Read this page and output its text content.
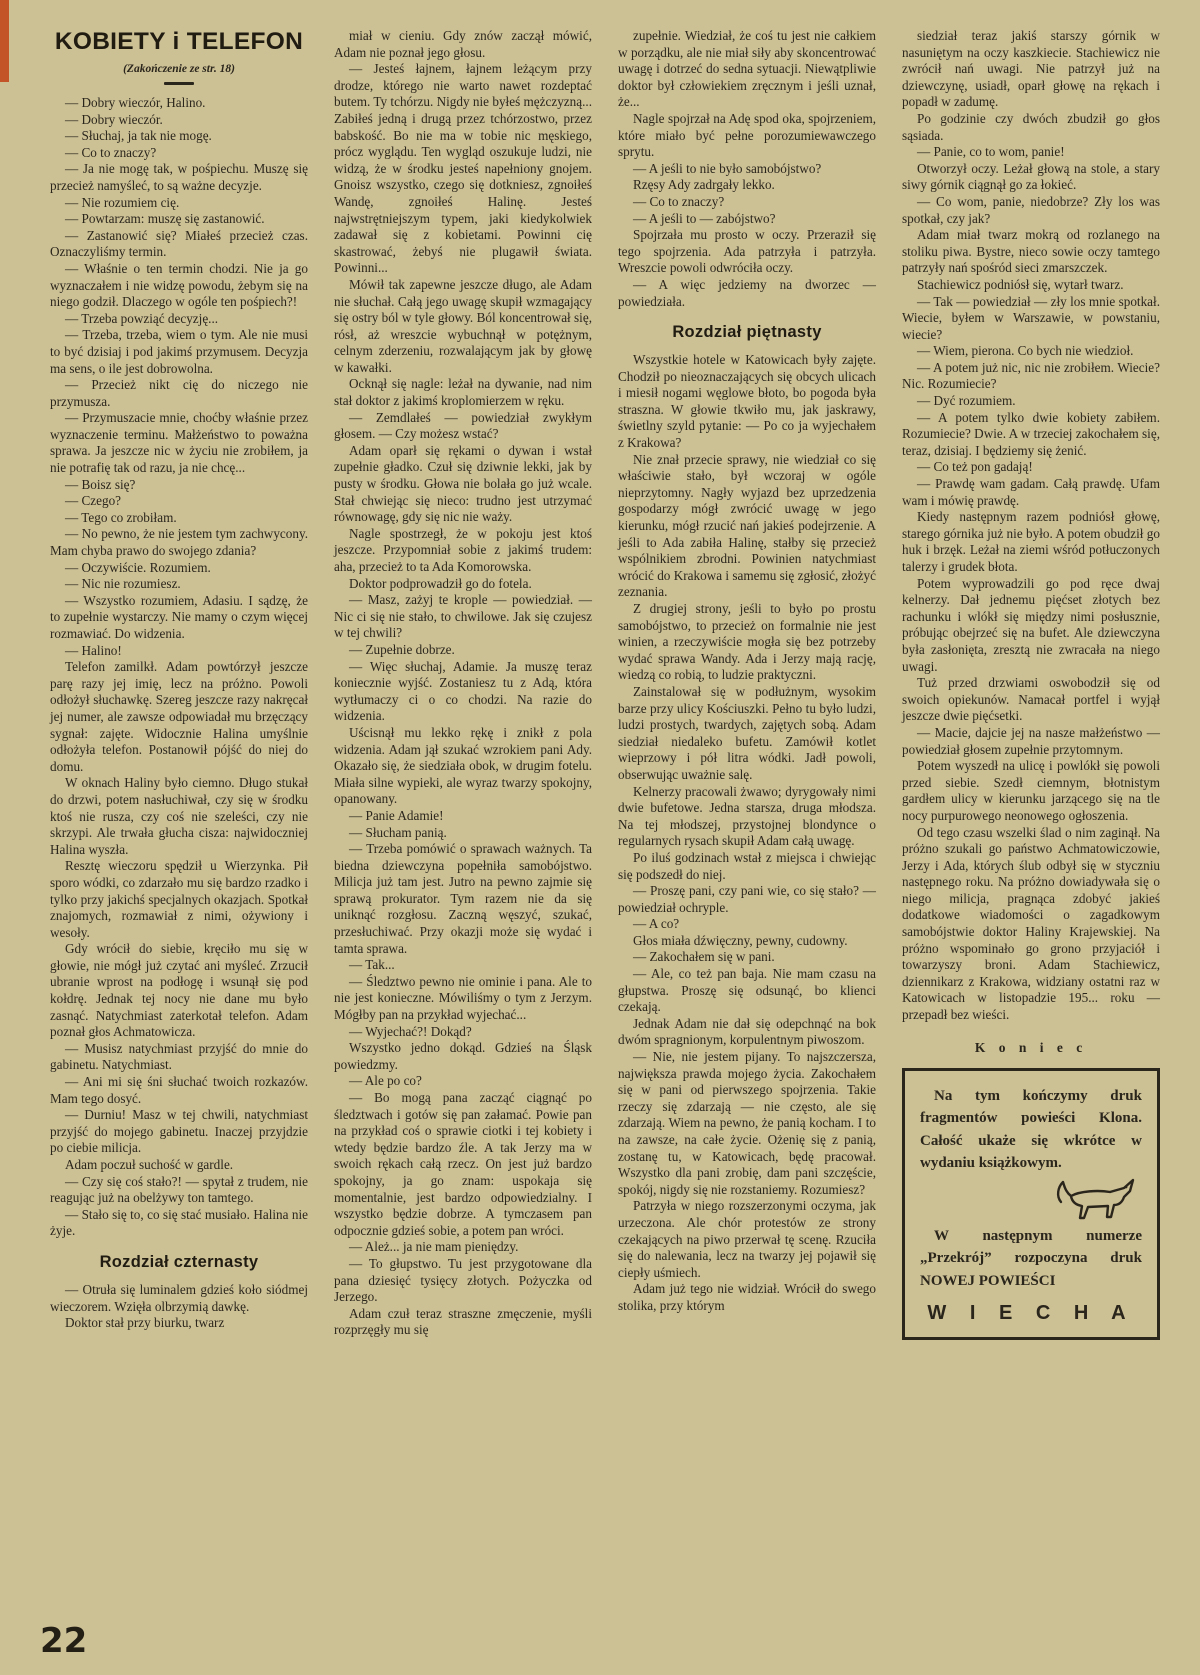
KOBIETY i TELEFON
(Zakończenie ze str. 18)

— Dobry wieczór, Halino.

— Dobry wieczór.

— Słuchaj, ja tak nie mogę.

— Co to znaczy?

— Ja nie mogę tak, w pośpiechu. Muszę się przecież namyśleć, to są ważne decyzje.

— Nie rozumiem cię.

— Powtarzam: muszę się zastanowić.

— Zastanowić się? Miałeś przecież czas. Oznaczyliśmy termin.

— Właśnie o ten termin chodzi. Nie ja go wyznaczałem i nie widzę powodu, żebym się na niego godził. Dlaczego w ogóle ten pośpiech?!

— Trzeba powziąć decyzję...

— Trzeba, trzeba, wiem o tym. Ale nie musi to być dzisiaj i pod jakimś przymusem. Decyzja ma sens, o ile jest dobrowolna.

— Przecież nikt cię do niczego nie przymusza.

— Przymuszacie mnie, choćby właśnie przez wyznaczenie terminu. Małżeństwo to poważna sprawa. Ja jeszcze nic w życiu nie zrobiłem, ja nie potrafię tak od razu, ja nie chcę...

— Boisz się?

— Czego?

— Tego co zrobiłam.

— No pewno, że nie jestem tym zachwycony. Mam chyba prawo do swojego zdania?

— Oczywiście. Rozumiem.

— Nic nie rozumiesz.

— Wszystko rozumiem, Adasiu. I sądzę, że to zupełnie wystarczy. Nie mamy o czym więcej rozmawiać. Do widzenia.

— Halino!

Telefon zamilkł. Adam powtórzył jeszcze parę razy jej imię, lecz na próżno. Powoli odłożył słuchawkę. Szereg jeszcze razy nakręcał jej numer, ale zawsze odpowiadał mu brzęczący sygnał: zajęte. Widocznie Halina umyślnie odłożyła telefon. Postanowił pójść do niej do domu.

W oknach Haliny było ciemno. Długo stukał do drzwi, potem nasłuchiwał, czy się w środku ktoś nie rusza, czy coś nie szeleści, czy nie skrzypi. Ale trwała głucha cisza: najwidoczniej Halina wyszła.

Resztę wieczoru spędził u Wierzynka. Pił sporo wódki, co zdarzało mu się bardzo rzadko i tylko przy jakichś specjalnych okazjach. Spotkał znajomych, rozmawiał z nimi, ożywiony i wesoły.

Gdy wrócił do siebie, kręciło mu się w głowie, nie mógł już czytać ani myśleć. Zrzucił ubranie wprost na podłogę i wsunął się pod kołdrę. Jednak tej nocy nie dane mu było zasnąć. Natychmiast zaterkotał telefon. Adam poznał głos Achmatowicza.

— Musisz natychmiast przyjść do mnie do gabinetu. Natychmiast.

— Ani mi się śni słuchać twoich rozkazów. Mam tego dosyć.

— Durniu! Masz w tej chwili, natychmiast przyjść do mojego gabinetu. Inaczej przyjdzie po ciebie milicja.

Adam poczuł suchość w gardle.

— Czy się coś stało?! — spytał z trudem, nie reagując już na obelżywy ton tamtego.

— Stało się to, co się stać musiało. Halina nie żyje.

Rozdział czternasty

— Otruła się luminalem gdzieś koło siódmej wieczorem. Wzięła olbrzymią dawkę.

Doktor stał przy biurku, twarz

miał w cieniu. Gdy znów zaczął mówić, Adam nie poznał jego głosu.

— Jesteś łajnem, łajnem leżącym przy drodze, którego nie warto nawet rozdeptać butem. Ty tchórzu. Nigdy nie byłeś mężczyzną... Zabiłeś jedną i drugą przez tchórzostwo, przez babskość. Bo nie ma w tobie nic męskiego, prócz wyglądu. Ten wygląd oszukuje ludzi, nie widzą, że w środku jesteś napełniony gnojem. Gnoisz wszystko, czego się dotkniesz, zgnoiłeś Wandę, zgnoiłeś Halinę. Jesteś najwstrętniejszym typem, jaki kiedykolwiek zadawał się z kobietami. Powinni cię skastrować, żebyś nie plugawił świata. Powinni...

Mówił tak zapewne jeszcze długo, ale Adam nie słuchał. Całą jego uwagę skupił wzmagający się ostry ból w tyle głowy. Ból koncentrował się, rósł, aż wreszcie wybuchnął w potężnym, celnym zderzeniu, rozwalającym jak by głowę w kawałki.

Ocknął się nagle: leżał na dywanie, nad nim stał doktor z jakimś kroplomierzem w ręku.

— Zemdlałeś — powiedział zwykłym głosem. — Czy możesz wstać?

Adam oparł się rękami o dywan i wstał zupełnie gładko. Czuł się dziwnie lekki, jak by pusty w środku. Głowa nie bolała go już wcale. Stał chwiejąc się nieco: trudno jest utrzymać równowagę, gdy się nic nie waży.

Nagle spostrzegł, że w pokoju jest ktoś jeszcze. Przypomniał sobie z jakimś trudem: aha, przecież to ta Ada Komorowska.

Doktor podprowadził go do fotela.

— Masz, zażyj te krople — powiedział. — Nic ci się nie stało, to chwilowe. Jak się czujesz w tej chwili?

— Zupełnie dobrze.

— Więc słuchaj, Adamie. Ja muszę teraz koniecznie wyjść. Zostaniesz tu z Adą, która wytłumaczy ci o co chodzi. Na razie do widzenia.

Uścisnął mu lekko rękę i znikł z pola widzenia. Adam jął szukać wzrokiem pani Ady. Okazało się, że siedziała obok, w drugim fotelu. Miała silne wypieki, ale wyraz twarzy spokojny, opanowany.

— Panie Adamie!

— Słucham panią.

— Trzeba pomówić o sprawach ważnych. Ta biedna dziewczyna popełniła samobójstwo. Milicja już tam jest. Jutro na pewno zajmie się sprawą prokurator. Tym razem nie da się uniknąć rozgłosu. Zaczną węszyć, szukać, przesłuchiwać. Przy okazji może się wydać i tamta sprawa.

— Tak...

— Śledztwo pewno nie ominie i pana. Ale to nie jest konieczne. Mówiliśmy o tym z Jerzym. Mógłby pan na przykład wyjechać...

— Wyjechać?! Dokąd?

Wszystko jedno dokąd. Gdzieś na Śląsk powiedzmy.

— Ale po co?

— Bo mogą pana zacząć ciągnąć po śledztwach i gotów się pan załamać. Powie pan na przykład coś o sprawie ciotki i tej kobiety i wtedy będzie bardzo źle. A tak Jerzy ma w swoich rękach całą rzecz. On jest już bardzo spokojny, ja go znam: uspokaja się momentalnie, jest bardzo odpowiedzialny. I wszystko będzie dobrze. A tymczasem pan odpocznie gdzieś sobie, a potem pan wróci.

— Ależ... ja nie mam pieniędzy.

— To głupstwo. Tu jest przygotowane dla pana dziesięć tysięcy złotych. Pożyczka od Jerzego.

Adam czuł teraz straszne zmęczenie, myśli rozprzęgły mu się

zupełnie. Wiedział, że coś tu jest nie całkiem w porządku, ale nie miał siły aby skoncentrować uwagę i dotrzeć do sedna sytuacji. Niewątpliwie doktor był człowiekiem zręcznym i jeśli uznał, że...

Nagle spojrzał na Adę spod oka, spojrzeniem, które miało być pełne porozumiewawczego sprytu.

— A jeśli to nie było samobójstwo?

Rzęsy Ady zadrgały lekko.

— Co to znaczy?

— A jeśli to — zabójstwo?

Spojrzała mu prosto w oczy. Przeraził się tego spojrzenia. Ada patrzyła i patrzyła. Wreszcie powoli odwróciła oczy.

— A więc jedziemy na dworzec — powiedziała.

Rozdział piętnasty

Wszystkie hotele w Katowicach były zajęte. Chodził po nieoznaczających się obcych ulicach i miesił nogami węglowe błoto, bo pogoda była straszna. W głowie tkwiło mu, jak jaskrawy, świetlny szyld pytanie: — Po co ja wyjechałem z Krakowa?

Nie znał przecie sprawy, nie wiedział co się właściwie stało, był wczoraj w ogóle nieprzytomny. Nagły wyjazd bez uprzedzenia gospodarzy mógł zwrócić uwagę w jego kierunku, mógł rzucić nań jakieś podejrzenie. A jeśli to Ada zabiła Halinę, stałby się przecież wspólnikiem zbrodni. Powinien natychmiast wrócić do Krakowa i samemu się zgłosić, złożyć zeznania.

Z drugiej strony, jeśli to było po prostu samobójstwo, to przecież on formalnie nie jest winien, a rzeczywiście mogła się bez potrzeby wydać sprawa Wandy. Ada i Jerzy mają rację, wiedzą co robią, to ludzie praktyczni.

Zainstalował się w podłużnym, wysokim barze przy ulicy Kościuszki. Pełno tu było ludzi, ludzi prostych, twardych, zajętych sobą. Adam siedział niedaleko bufetu. Zamówił kotlet wieprzowy i pół litra wódki. Jadł powoli, obserwując uważnie salę.

Kelnerzy pracowali żwawo; dyrygowały nimi dwie bufetowe. Jedna starsza, druga młodsza. Na tej młodszej, przystojnej blondynce o regularnych rysach skupił Adam całą uwagę.

Po iluś godzinach wstał z miejsca i chwiejąc się podszedł do niej.

— Proszę pani, czy pani wie, co się stało? — powiedział ochryple.

— A co?

Głos miała dźwięczny, pewny, cudowny.

— Zakochałem się w pani.

— Ale, co też pan baja. Nie mam czasu na głupstwa. Proszę się odsunąć, bo klienci czekają.

Jednak Adam nie dał się odepchnąć na bok dwóm spragnionym, korpulentnym piwoszom.

— Nie, nie jestem pijany. To najszczersza, największa prawda mojego życia. Zakochałem się w pani od pierwszego spojrzenia. Takie rzeczy się zdarzają — nie często, ale się zdarzają. Wiem na pewno, że panią kocham. I to na zawsze, na całe życie. Ożenię się z panią, zostanę tu, w Katowicach, będę pracował. Wszystko dla pani zrobię, dam pani szczęście, spokój, nigdy się nie rozstaniemy. Rozumiesz?

Patrzyła w niego rozszerzonymi oczyma, jak urzeczona. Ale chór protestów ze strony czekających na piwo przerwał tę scenę. Rzuciła się do nalewania, lecz na twarzy jej pojawił się ciepły uśmiech.

Adam już tego nie widział. Wrócił do swego stolika, przy którym

siedział teraz jakiś starszy górnik w nasuniętym na oczy kaszkiecie. Stachiewicz nie zwrócił nań uwagi. Nie patrzył już na dziewczynę, usiadł, oparł głowę na rękach i popadł w zadumę.

Po godzinie czy dwóch zbudził go głos sąsiada.

— Panie, co to wom, panie!

Otworzył oczy. Leżał głową na stole, a stary siwy górnik ciągnął go za łokieć.

— Co wom, panie, niedobrze? Zły los was spotkał, czy jak?

Adam miał twarz mokrą od rozlanego na stoliku piwa. Bystre, nieco sowie oczy tamtego patrzyły nań spośród sieci zmarszczek.

Stachiewicz podniósł się, wytarł twarz.

— Tak — powiedział — zły los mnie spotkał. Wiecie, byłem w Warszawie, w powstaniu, wiecie?

— Wiem, pierona. Co bych nie wiedzioł.

— A potem już nic, nic nie zrobiłem. Wiecie? Nic. Rozumiecie?

— Dyć rozumiem.

— A potem tylko dwie kobiety zabiłem. Rozumiecie? Dwie. A w trzeciej zakochałem się, teraz, dzisiaj. I będziemy się żenić.

— Co też pon gadają!

— Prawdę wam gadam. Całą prawdę. Ufam wam i mówię prawdę.

Kiedy następnym razem podniósł głowę, starego górnika już nie było. A potem obudził go huk i brzęk. Leżał na ziemi wśród potłuczonych talerzy i grudek błota.

Potem wyprowadzili go pod ręce dwaj kelnerzy. Dał jednemu pięćset złotych bez rachunku i wlókł się między nimi posłusznie, próbując obejrzeć się na bufet. Ale dziewczyna była zasłonięta, zresztą nie zwracała na niego uwagi.

Tuż przed drzwiami oswobodził się od swoich opiekunów. Namacał portfel i wyjął jeszcze dwie pięćsetki.

— Macie, dajcie jej na nasze małżeństwo — powiedział głosem zupełnie przytomnym.

Potem wyszedł na ulicę i powlókł się powoli przed siebie. Szedł ciemnym, błotnistym gardłem ulicy w kierunku jarzącego się na tle nocy purpurowego neonowego ogłoszenia.

Od tego czasu wszelki ślad o nim zaginął. Na próżno szukali go państwo Achmatowiczowie, Jerzy i Ada, których ślub odbył się w styczniu następnego roku. Na próżno dowiadywała się o niego milicja, pragnąca zdobyć jakieś dodatkowe wiadomości o zagadkowym samobójstwie doktor Haliny Krajewskiej. Na próżno wspominało go grono przyjaciół i towarzyszy broni. Adam Stachiewicz, dziennikarz z Krakowa, widziany ostatni raz w Katowicach w listopadzie 195... roku — przepadł bez wieści.

K o n i e c

Na tym kończymy druk fragmentów powieści Klona. Całość ukaże się wkrótce w wydaniu książkowym.

W następnym numerze „Przekrój” rozpoczyna druk NOWEJ POWIEŚCI

W I E C H A
22
